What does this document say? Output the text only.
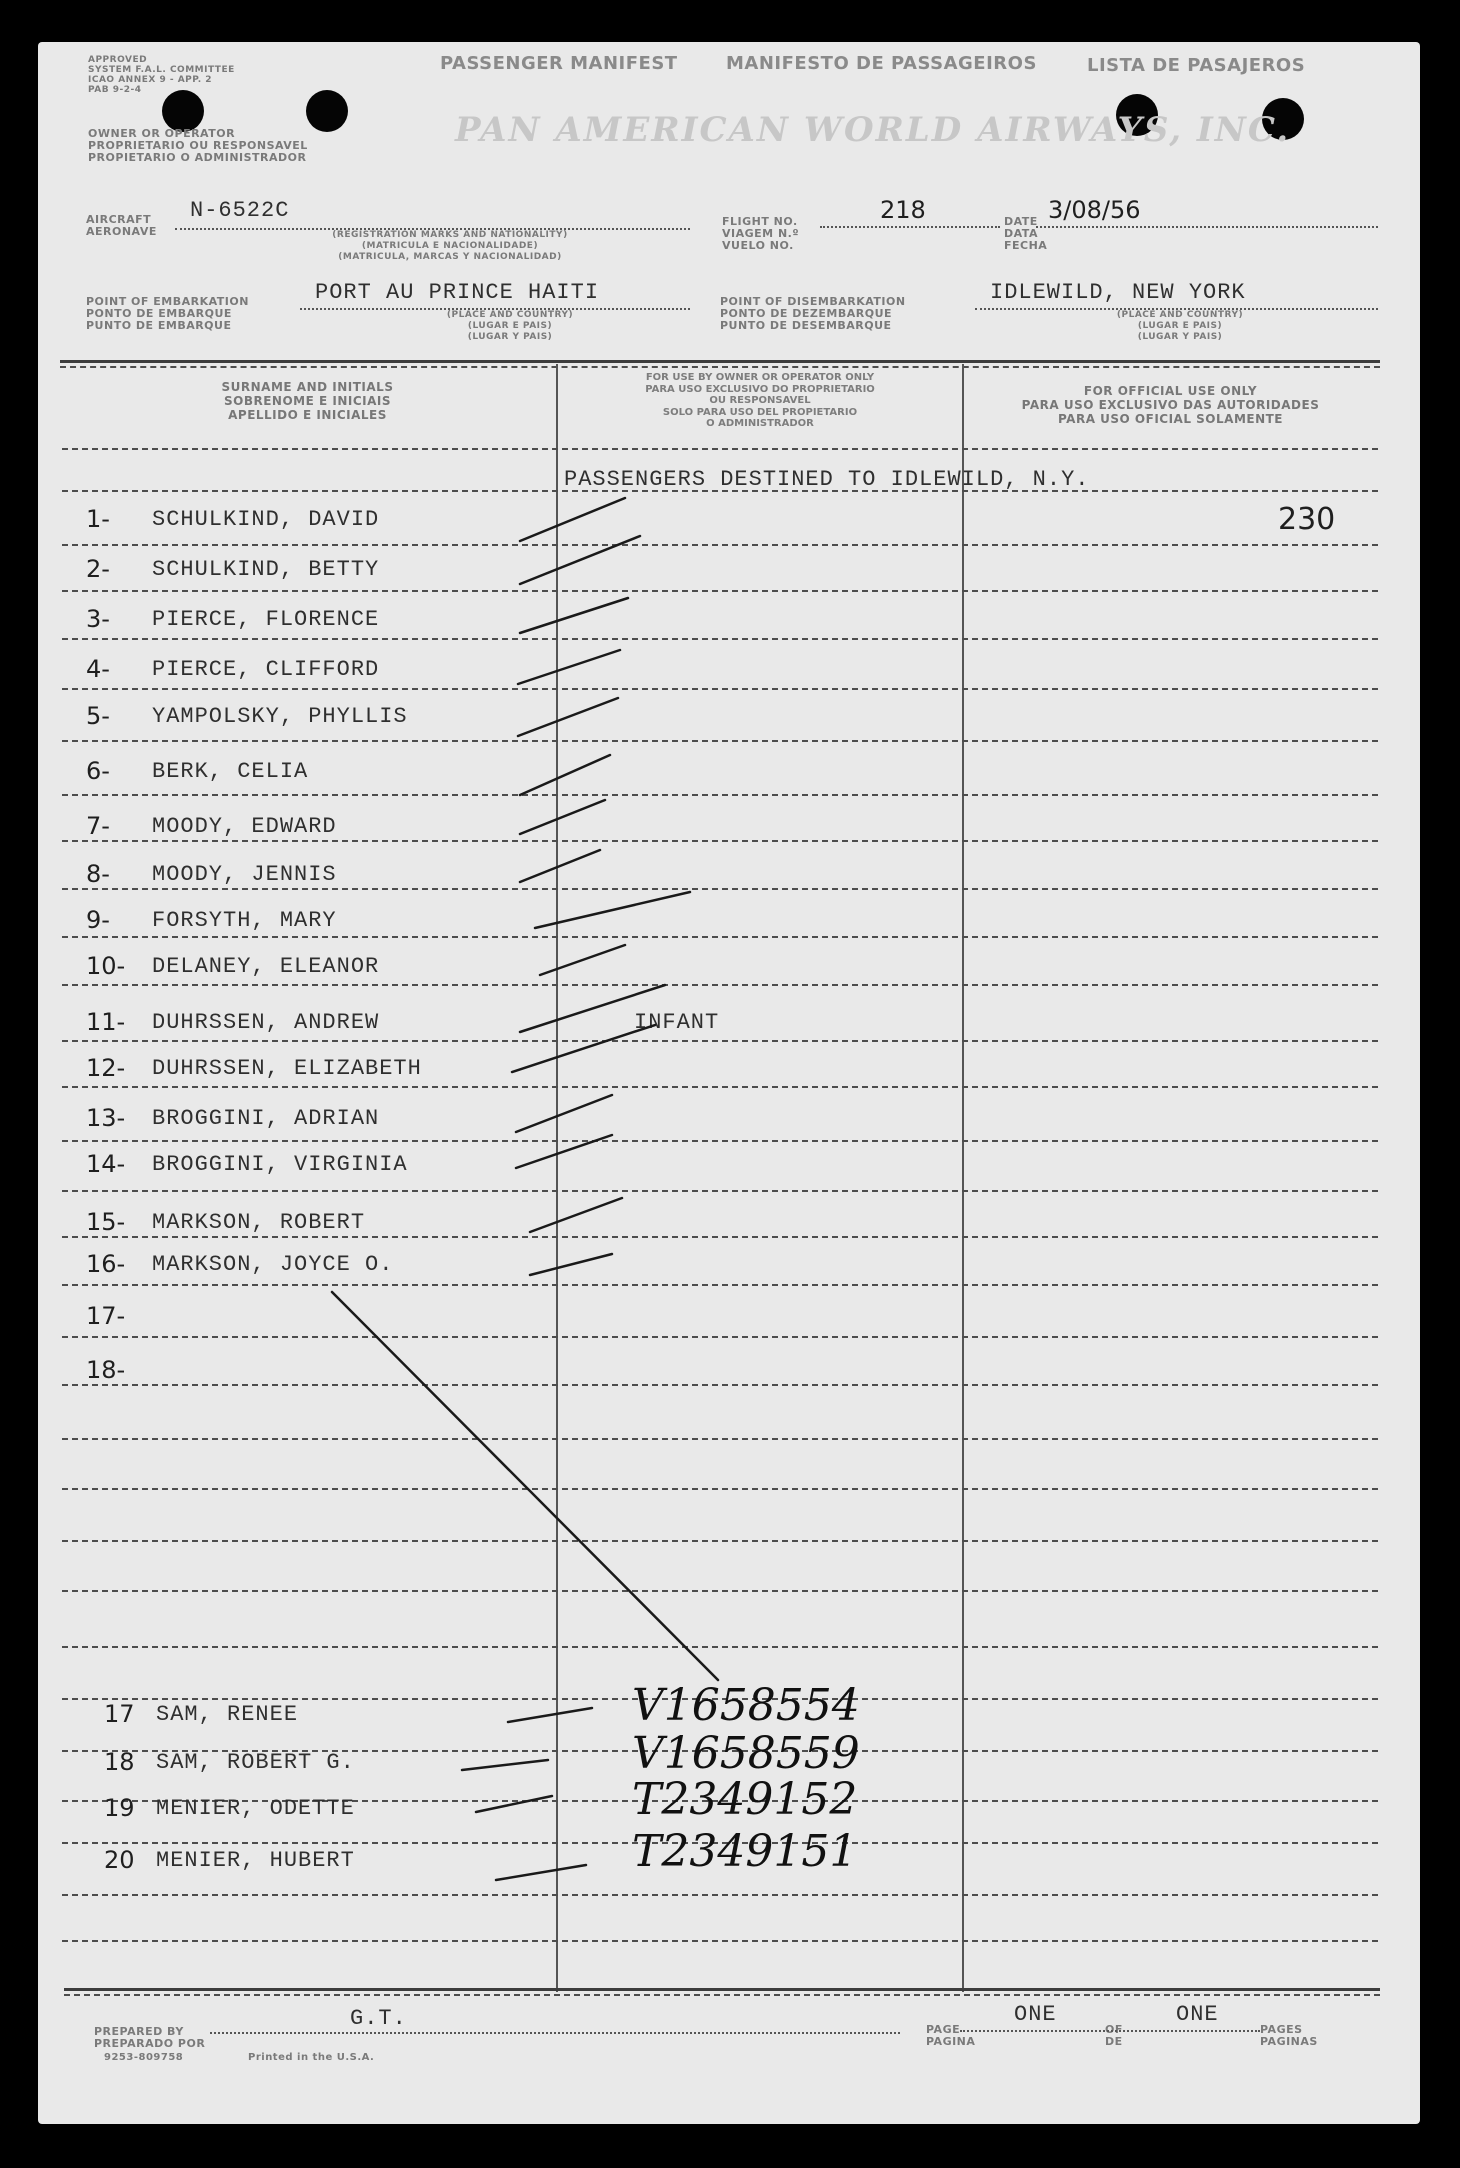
APPROVED
SYSTEM F.A.L. COMMITTEE
ICAO ANNEX 9 - APP. 2
PAB 9-2-4
OWNER OR OPERATOR
PROPRIETARIO OU RESPONSAVEL
PROPIETARIO O ADMINISTRADOR
PASSENGER MANIFEST	MANIFESTO DE PASSAGEIROS	LISTA DE PASAJEROS
PAN AMERICAN WORLD AIRWAYS, INC.
AIRCRAFT
AERONAVE
N-6522C
(REGISTRATION MARKS AND NATIONALITY)
(MATRICULA E NACIONALIDADE)
(MATRICULA, MARCAS Y NACIONALIDAD)
FLIGHT NO.
VIAGEM N.º
VUELO NO.
218	DATE
DATA
FECHA
3/08/56
POINT OF EMBARKATION
PONTO DE EMBARQUE
PUNTO DE EMBARQUE
PORT AU PRINCE HAITI
(PLACE AND COUNTRY)
(LUGAR E PAIS)
(LUGAR Y PAIS)
POINT OF DISEMBARKATION
PONTO DE DEZEMBARQUE
PUNTO DE DESEMBARQUE
IDLEWILD, NEW YORK
(PLACE AND COUNTRY)
(LUGAR E PAIS)
(LUGAR Y PAIS)
SURNAME AND INITIALS
SOBRENOME E INICIAIS
APELLIDO E INICIALES
FOR USE BY OWNER OR OPERATOR ONLY
PARA USO EXCLUSIVO DO PROPRIETARIO
OU RESPONSAVEL
SOLO PARA USO DEL PROPIETARIO
O ADMINISTRADOR
FOR OFFICIAL USE ONLY
PARA USO EXCLUSIVO DAS AUTORIDADES
PARA USO OFICIAL SOLAMENTE
PASSENGERS DESTINED TO IDLEWILD, N.Y.
230
1- SCHULKIND, DAVID
2- SCHULKIND, BETTY
3- PIERCE, FLORENCE
4- PIERCE, CLIFFORD
5- YAMPOLSKY, PHYLLIS
6- BERK, CELIA
7- MOODY, EDWARD
8- MOODY, JENNIS
9- FORSYTH, MARY
10- DELANEY, ELEANOR
11- DUHRSSEN, ANDREW	INFANT
12- DUHRSSEN, ELIZABETH
13- BROGGINI, ADRIAN
14- BROGGINI, VIRGINIA
15- MARKSON, ROBERT
16- MARKSON, JOYCE O.
17-
18-
17 SAM, RENEE	V1658554
18 SAM, ROBERT G.	V1658559
19 MENIER, ODETTE	T2349152
20 MENIER, HUBERT	T2349151
PREPARED BY
PREPARADO POR
G.T.	PAGE
PAGINA
ONE
OF
DE
ONE
PAGES
PAGINAS
9253-809758	Printed in the U.S.A.
